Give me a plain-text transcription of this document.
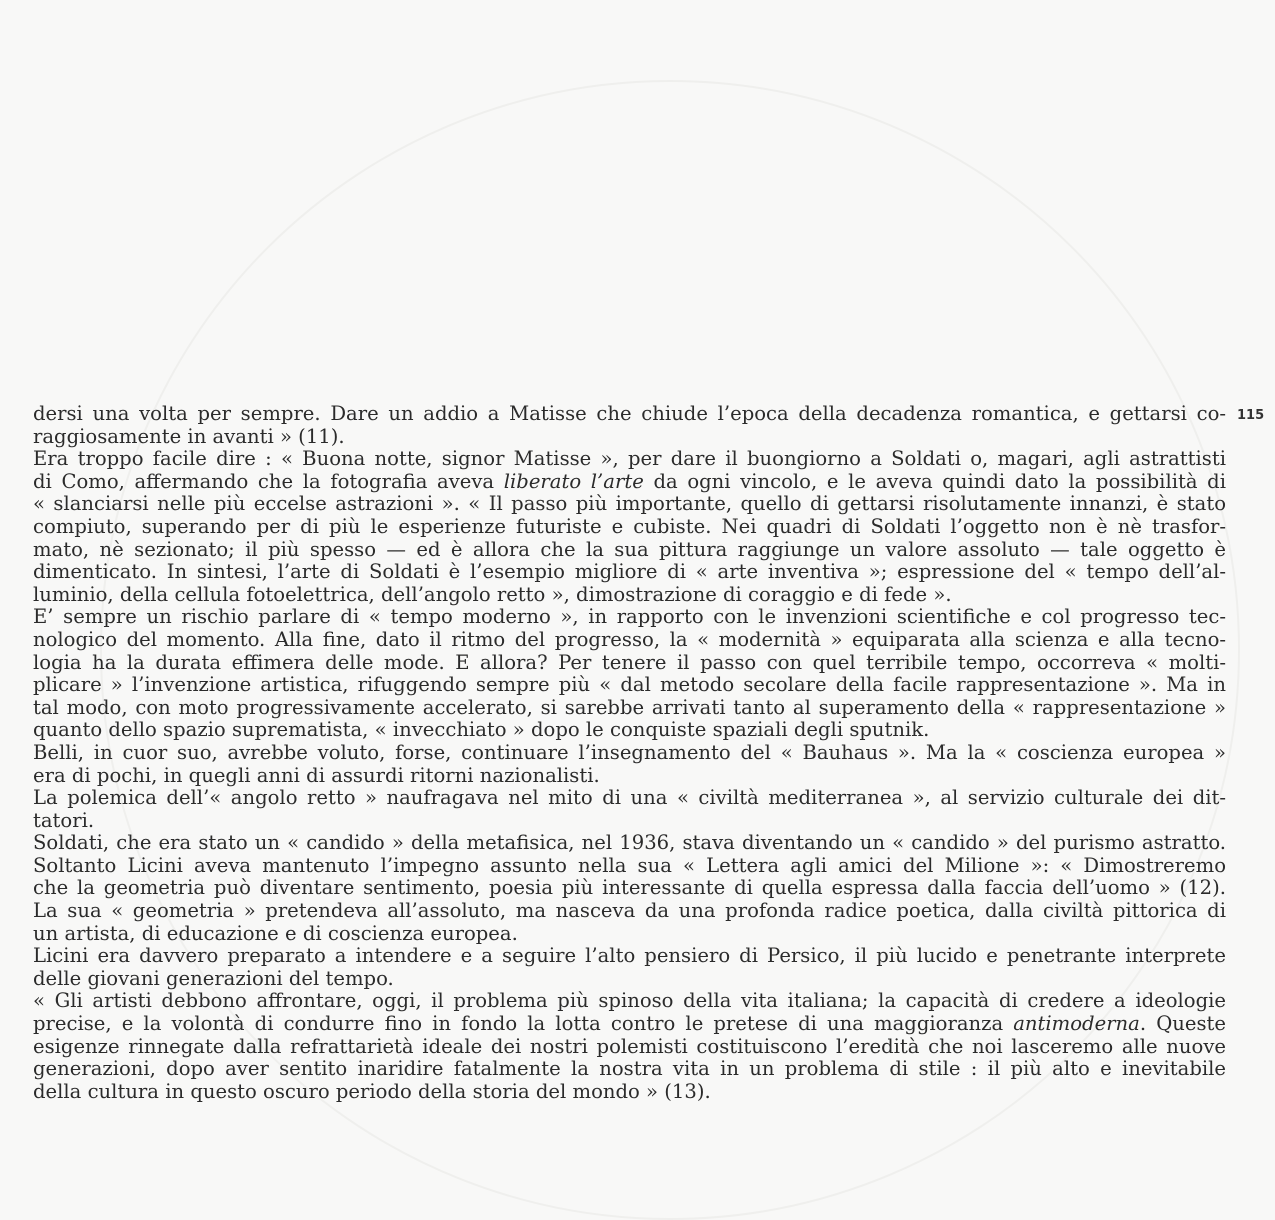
115
dersi una volta per sempre. Dare un addio a Matisse che chiude l’epoca della decadenza romantica, e gettarsi co-
raggiosamente in avanti » (11).
Era troppo facile dire : « Buona notte, signor Matisse », per dare il buongiorno a Soldati o, magari, agli astrattisti
di Como, affermando che la fotografia aveva liberato l’arte da ogni vincolo, e le aveva quindi dato la possibilità di
« slanciarsi nelle più eccelse astrazioni ». « Il passo più importante, quello di gettarsi risolutamente innanzi, è stato
compiuto, superando per di più le esperienze futuriste e cubiste. Nei quadri di Soldati l’oggetto non è nè trasfor-
mato, nè sezionato; il più spesso — ed è allora che la sua pittura raggiunge un valore assoluto — tale oggetto è
dimenticato. In sintesi, l’arte di Soldati è l’esempio migliore di « arte inventiva »; espressione del « tempo dell’al-
luminio, della cellula fotoelettrica, dell’angolo retto », dimostrazione di coraggio e di fede ».
E’ sempre un rischio parlare di « tempo moderno », in rapporto con le invenzioni scientifiche e col progresso tec-
nologico del momento. Alla fine, dato il ritmo del progresso, la « modernità » equiparata alla scienza e alla tecno-
logia ha la durata effimera delle mode. E allora? Per tenere il passo con quel terribile tempo, occorreva « molti-
plicare » l’invenzione artistica, rifuggendo sempre più « dal metodo secolare della facile rappresentazione ». Ma in
tal modo, con moto progressivamente accelerato, si sarebbe arrivati tanto al superamento della « rappresentazione »
quanto dello spazio suprematista, « invecchiato » dopo le conquiste spaziali degli sputnik.
Belli, in cuor suo, avrebbe voluto, forse, continuare l’insegnamento del « Bauhaus ». Ma la « coscienza europea »
era di pochi, in quegli anni di assurdi ritorni nazionalisti.
La polemica dell’« angolo retto » naufragava nel mito di una « civiltà mediterranea », al servizio culturale dei dit-
tatori.
Soldati, che era stato un « candido » della metafisica, nel 1936, stava diventando un « candido » del purismo astratto.
Soltanto Licini aveva mantenuto l’impegno assunto nella sua « Lettera agli amici del Milione »: « Dimostreremo
che la geometria può diventare sentimento, poesia più interessante di quella espressa dalla faccia dell’uomo » (12).
La sua « geometria » pretendeva all’assoluto, ma nasceva da una profonda radice poetica, dalla civiltà pittorica di
un artista, di educazione e di coscienza europea.
Licini era davvero preparato a intendere e a seguire l’alto pensiero di Persico, il più lucido e penetrante interprete
delle giovani generazioni del tempo.
« Gli artisti debbono affrontare, oggi, il problema più spinoso della vita italiana; la capacità di credere a ideologie
precise, e la volontà di condurre fino in fondo la lotta contro le pretese di una maggioranza antimoderna. Queste
esigenze rinnegate dalla refrattarietà ideale dei nostri polemisti costituiscono l’eredità che noi lasceremo alle nuove
generazioni, dopo aver sentito inaridire fatalmente la nostra vita in un problema di stile : il più alto e inevitabile
della cultura in questo oscuro periodo della storia del mondo » (13).
